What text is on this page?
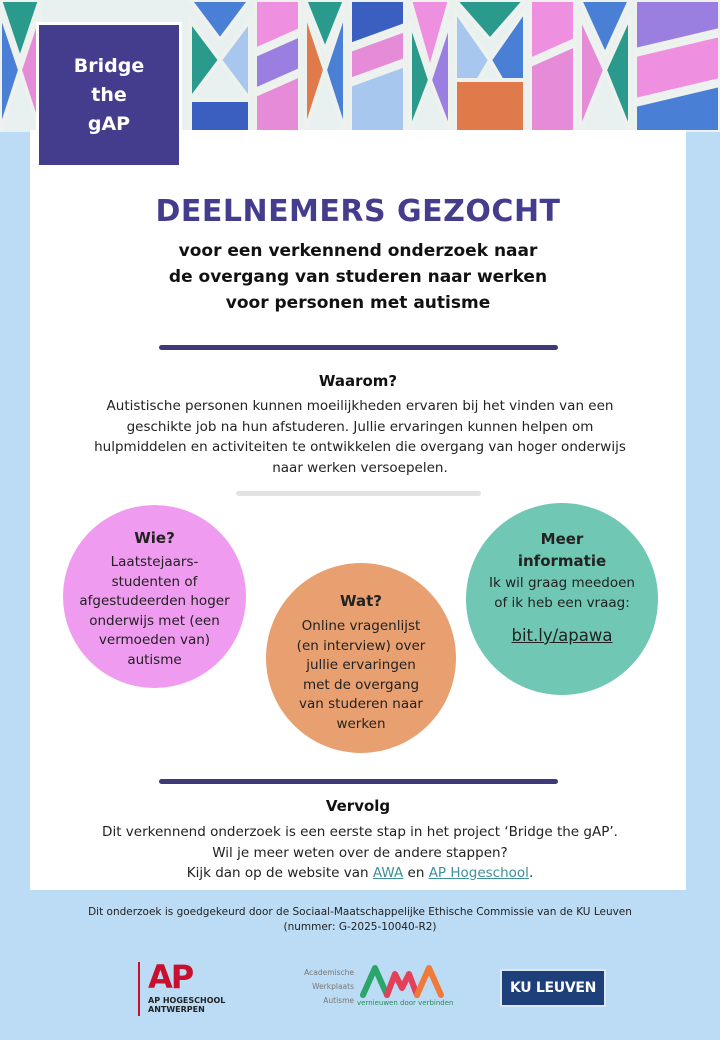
Bridge
the
gAP
DEELNEMERS GEZOCHT
voor een verkennend onderzoek naar
de overgang van studeren naar werken
voor personen met autisme
Waarom?
Autistische personen kunnen moeilijkheden ervaren bij het vinden van een
geschikte job na hun afstuderen. Jullie ervaringen kunnen helpen om
hulpmiddelen en activiteiten te ontwikkelen die overgang van hoger onderwijs
naar werken versoepelen.
Wie?
Laatstejaars-
studenten of
afgestudeerden hoger
onderwijs met (een
vermoeden van)
autisme
Wat?
Online vragenlijst
(en interview) over
jullie ervaringen
met de overgang
van studeren naar
werken
Meer
informatie
Ik wil graag meedoen
of ik heb een vraag:
bit.ly/apawa
Vervolg
Dit verkennend onderzoek is een eerste stap in het project ‘Bridge the gAP’.
Wil je meer weten over de andere stappen?
Kijk dan op de website van AWA en AP Hogeschool.
Dit onderzoek is goedgekeurd door de Sociaal-Maatschappelijke Ethische Commissie van de KU Leuven
(nummer: G-2025-10040-R2)
AP
AP HOGESCHOOL
ANTWERPEN
Academische
Werkplaats
Autisme vernieuwen door verbinden
KU LEUVEN
